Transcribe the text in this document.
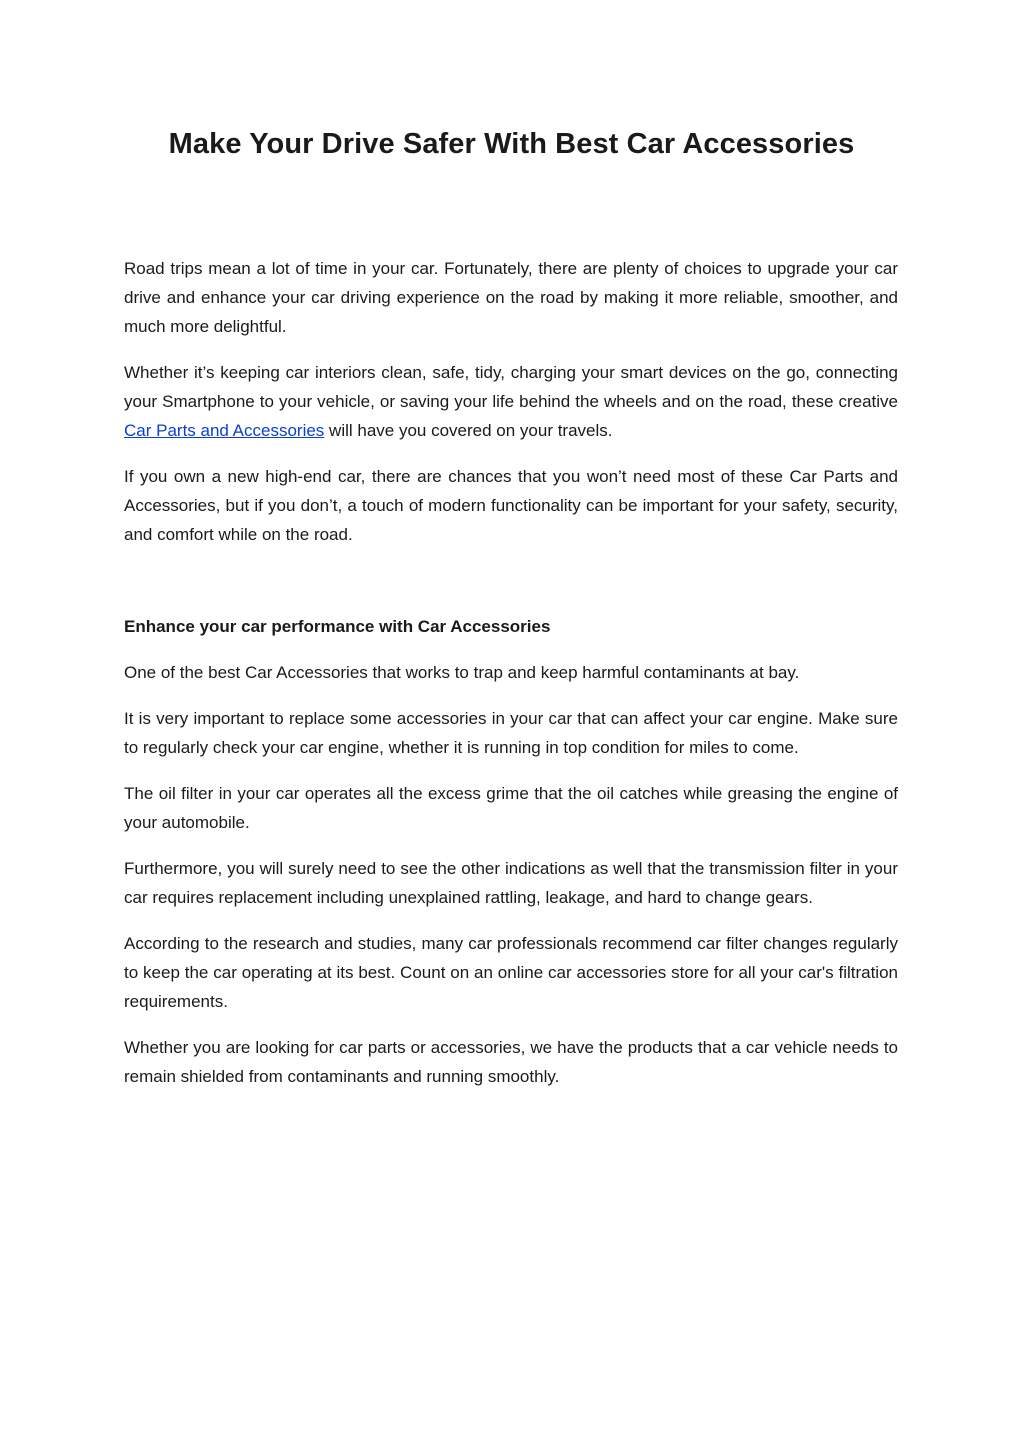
Make Your Drive Safer With Best Car Accessories

Road trips mean a lot of time in your car. Fortunately, there are plenty of choices to upgrade your car drive and enhance your car driving experience on the road by making it more reliable, smoother, and much more delightful.

Whether it’s keeping car interiors clean, safe, tidy, charging your smart devices on the go, connecting your Smartphone to your vehicle, or saving your life behind the wheels and on the road, these creative Car Parts and Accessories will have you covered on your travels.

If you own a new high-end car, there are chances that you won’t need most of these Car Parts and Accessories, but if you don’t, a touch of modern functionality can be important for your safety, security, and comfort while on the road.

Enhance your car performance with Car Accessories

One of the best Car Accessories that works to trap and keep harmful contaminants at bay.

It is very important to replace some accessories in your car that can affect your car engine. Make sure to regularly check your car engine, whether it is running in top condition for miles to come.

The oil filter in your car operates all the excess grime that the oil catches while greasing the engine of your automobile.

Furthermore, you will surely need to see the other indications as well that the transmission filter in your car requires replacement including unexplained rattling, leakage, and hard to change gears.

According to the research and studies, many car professionals recommend car filter changes regularly to keep the car operating at its best. Count on an online car accessories store for all your car's filtration requirements.

Whether you are looking for car parts or accessories, we have the products that a car vehicle needs to remain shielded from contaminants and running smoothly.
